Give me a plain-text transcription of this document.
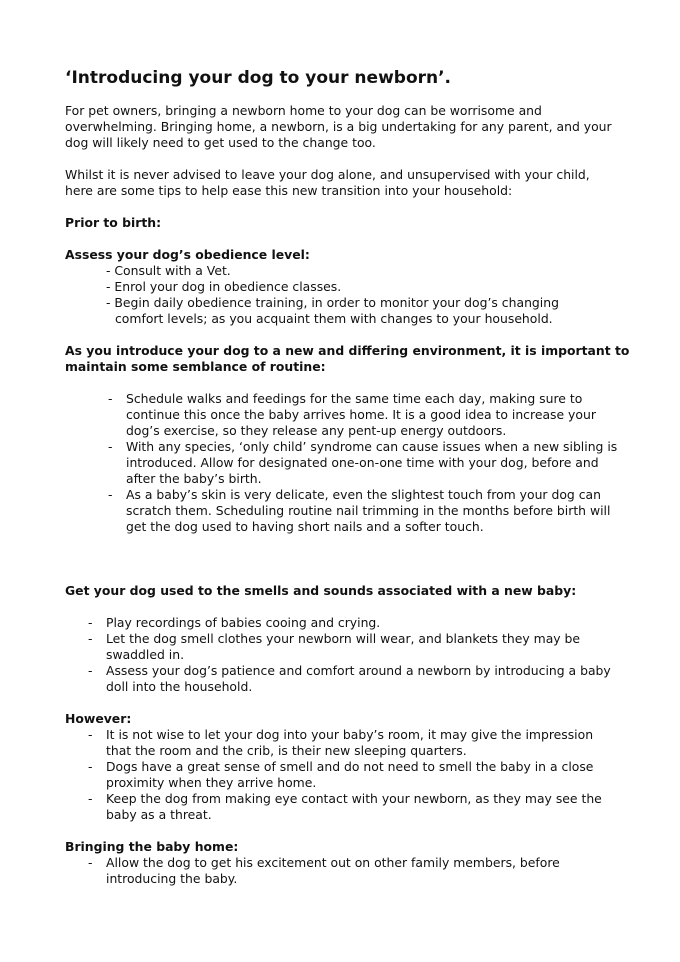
‘Introducing your dog to your newborn’.

For pet owners, bringing a newborn home to your dog can be worrisome and

overwhelming. Bringing home, a newborn, is a big undertaking for any parent, and your

dog will likely need to get used to the change too.

Whilst it is never advised to leave your dog alone, and unsupervised with your child,

here are some tips to help ease this new transition into your household:

Prior to birth:

Assess your dog’s obedience level:

- Consult with a Vet.

- Enrol your dog in obedience classes.

- Begin daily obedience training, in order to monitor your dog’s changing

comfort levels; as you acquaint them with changes to your household.

As you introduce your dog to a new and differing environment, it is important to

maintain some semblance of routine:

- Schedule walks and feedings for the same time each day, making sure to

continue this once the baby arrives home. It is a good idea to increase your

dog’s exercise, so they release any pent-up energy outdoors.

- With any species, ‘only child’ syndrome can cause issues when a new sibling is

introduced. Allow for designated one-on-one time with your dog, before and

after the baby’s birth.

- As a baby’s skin is very delicate, even the slightest touch from your dog can

scratch them. Scheduling routine nail trimming in the months before birth will

get the dog used to having short nails and a softer touch.

Get your dog used to the smells and sounds associated with a new baby:

- Play recordings of babies cooing and crying.

- Let the dog smell clothes your newborn will wear, and blankets they may be

swaddled in.

- Assess your dog’s patience and comfort around a newborn by introducing a baby

doll into the household.

However:

- It is not wise to let your dog into your baby’s room, it may give the impression

that the room and the crib, is their new sleeping quarters.

- Dogs have a great sense of smell and do not need to smell the baby in a close

proximity when they arrive home.

- Keep the dog from making eye contact with your newborn, as they may see the

baby as a threat.

Bringing the baby home:

- Allow the dog to get his excitement out on other family members, before

introducing the baby.
